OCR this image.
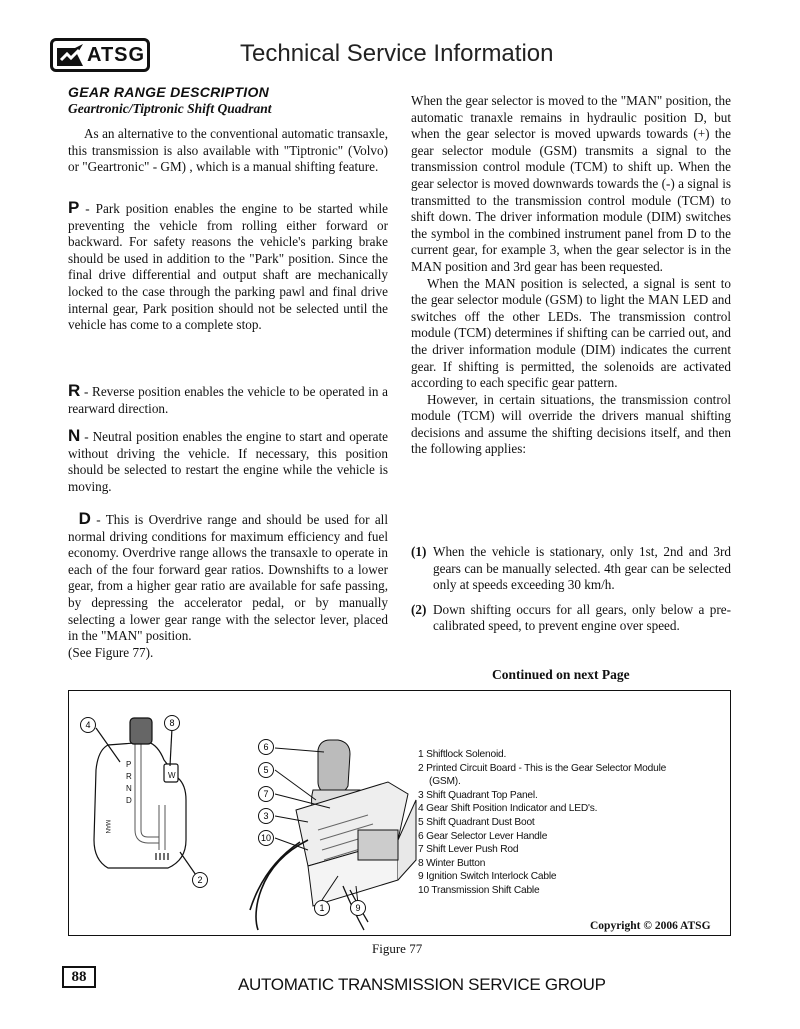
ATSG	Technical Service Information
GEAR RANGE DESCRIPTION
Geartronic/Tiptronic Shift Quadrant

As an alternative to the conventional automatic transaxle, this transmission is also available with "Tiptronic" (Volvo) or "Geartronic" - GM) , which is a manual shifting feature.

P - Park position enables the engine to be started while preventing the vehicle from rolling either forward or backward. For safety reasons the vehicle's parking brake should be used in addition to the "Park" position. Since the final drive differential and output shaft are mechanically locked to the case through the parking pawl and final drive internal gear, Park position should not be selected until the vehicle has come to a complete stop.

R - Reverse position enables the vehicle to be operated in a rearward direction.

N - Neutral position enables the engine to start and operate without driving the vehicle. If necessary, this position should be selected to restart the engine while the vehicle is moving.

D - This is Overdrive range and should be used for all normal driving conditions for maximum efficiency and fuel economy. Overdrive range allows the transaxle to operate in each of the four forward gear ratios. Downshifts to a lower gear, from a higher gear ratio are available for safe passing, by depressing the accelerator pedal, or by manually selecting a lower gear range with the selector lever, placed in the "MAN" position.

(See Figure 77).

When the gear selector is moved to the "MAN" position, the automatic tranaxle remains in hydraulic position D, but when the gear selector is moved upwards towards (+) the gear selector module (GSM) transmits a signal to the transmission control module (TCM) to shift up. When the gear selector is moved downwards towards the (-) a signal is transmitted to the transmission control module (TCM) to shift down. The driver information module (DIM) switches the symbol in the combined instrument panel from D to the current gear, for example 3, when the gear selector is in the MAN position and 3rd gear has been requested.

When the MAN position is selected, a signal is sent to the gear selector module (GSM) to light the MAN LED and switches off the other LEDs. The transmission control module (TCM) determines if shifting can be carried out, and the driver information module (DIM) indicates the current gear. If shifting is permitted, the solenoids are activated according to each specific gear pattern.

However, in certain situations, the transmission control module (TCM) will override the drivers manual shifting decisions and assume the shifting decisions itself, and then the following applies:

(1) When the vehicle is stationary, only 1st, 2nd and 3rd gears can be manually selected. 4th gear can be selected only at speeds exceeding 30 km/h.
(2) Down shifting occurs for all gears, only below a pre-calibrated speed, to prevent engine over speed.
Continued on next Page
4	8
2
6
5
7
3
10
1	9
P
R
N
D
MAN
W
1 Shiftlock Solenoid.
2 Printed Circuit Board - This is the Gear Selector Module
(GSM).
3 Shift Quadrant Top Panel.
4 Gear Shift Position Indicator and LED's.
5 Shift Quadrant Dust Boot
6 Gear Selector Lever Handle
7 Shift Lever Push Rod
8 Winter Button
9 Ignition Switch Interlock Cable
10 Transmission Shift Cable
Copyright © 2006 ATSG
Figure 77
88	AUTOMATIC TRANSMISSION SERVICE GROUP
